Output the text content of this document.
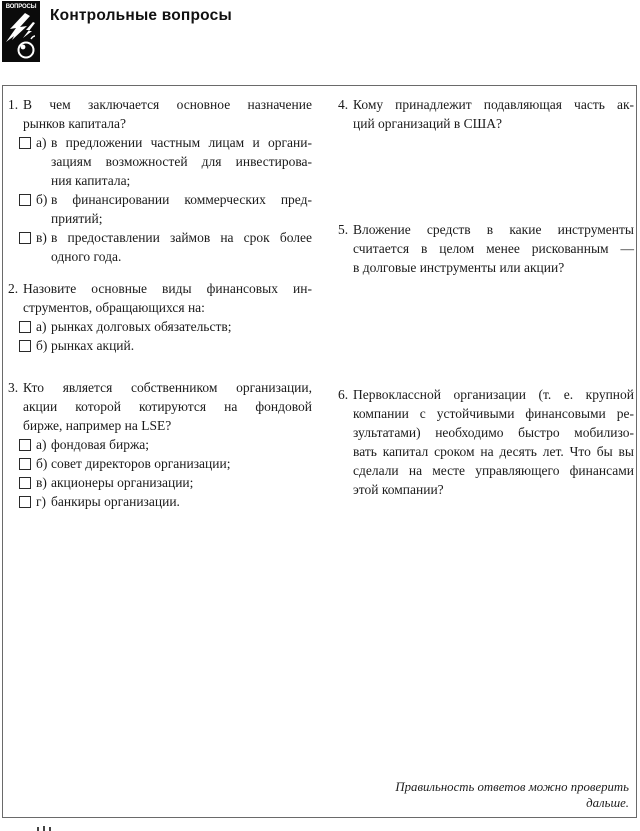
ВОПРОСЫ
Контрольные вопросы
1. В чем заключается основное назначение
рынков капитала?
а) в предложении частным лицам и органи-
зациям возможностей для инвестирова-
ния капитала;
б) в финансировании коммерческих пред-
приятий;
в) в предоставлении займов на срок более
одного года.
2. Назовите основные виды финансовых ин-
струментов, обращающихся на:
а) рынках долговых обязательств;
б) рынках акций.
3. Кто является собственником организации,
акции которой котируются на фондовой
бирже, например на LSE?
а) фондовая биржа;
б) совет директоров организации;
в) акционеры организации;
г) банкиры организации.
4. Кому принадлежит подавляющая часть ак-
ций организаций в США?
5. Вложение средств в какие инструменты
считается в целом менее рискованным —
в долговые инструменты или акции?
6. Первоклассной организации (т. е. крупной
компании с устойчивыми финансовыми ре-
зультатами) необходимо быстро мобилизо-
вать капитал сроком на десять лет. Что бы вы
сделали на месте управляющего финансами
этой компании?
Правильность ответов можно проверить
дальше.
